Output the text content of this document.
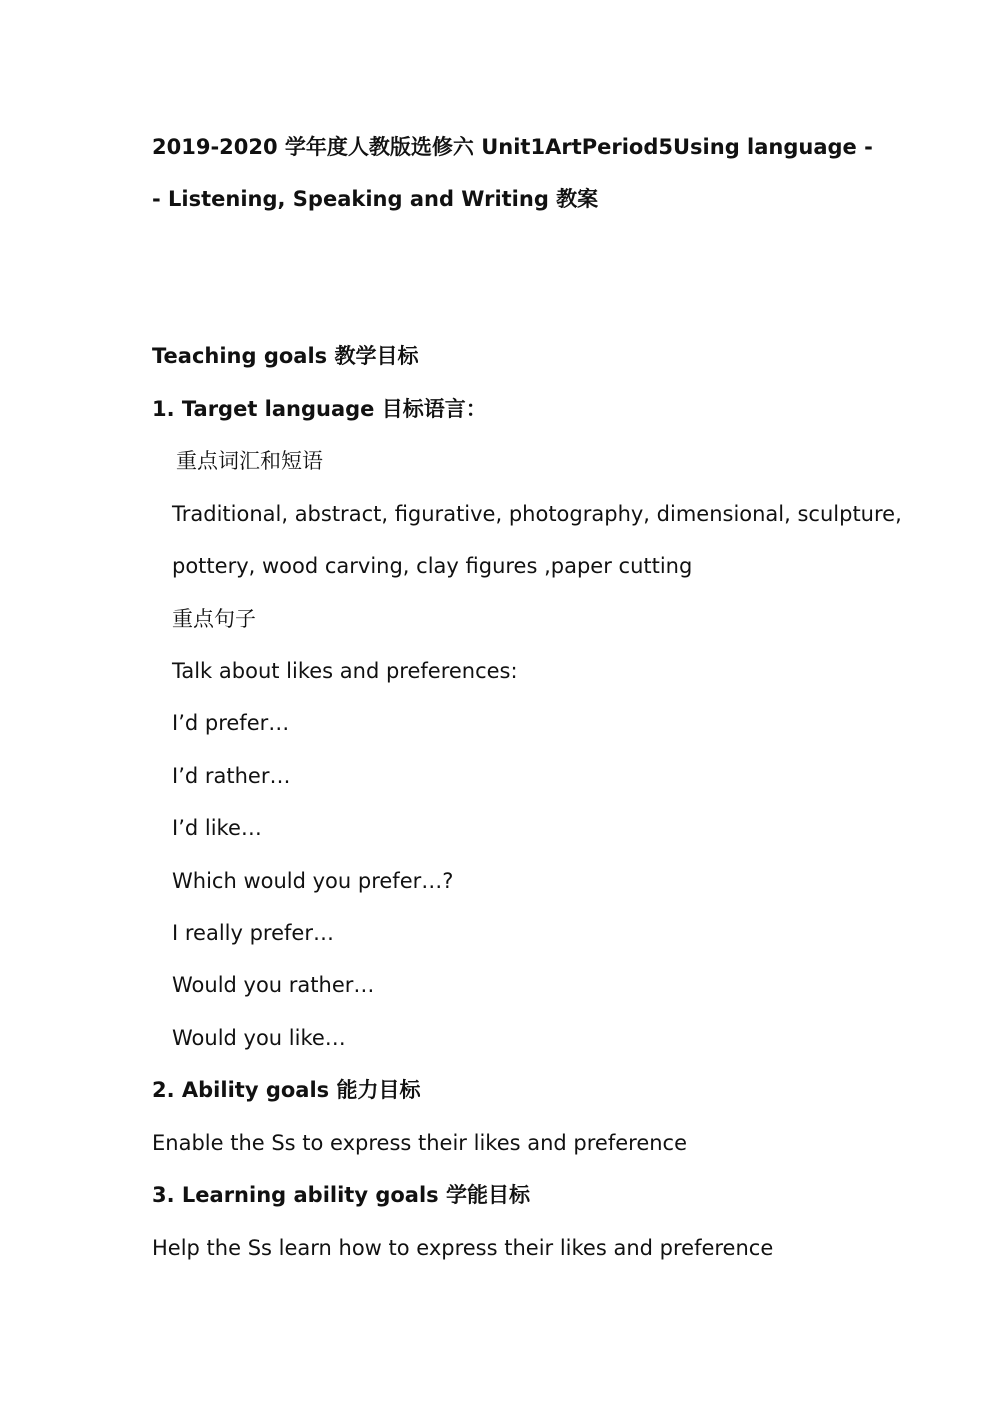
2019-2020 学年度人教版选修六 Unit1ArtPeriod5Using language -
- Listening, Speaking and Writing 教案
Teaching goals 教学目标
1. Target language 目标语言：
重点词汇和短语
Traditional, abstract, figurative, photography, dimensional, sculpture,
pottery, wood carving, clay figures ,paper cutting
重点句子
Talk about likes and preferences:
I’d prefer…
I’d rather…
I’d like…
Which would you prefer…?
I really prefer…
Would you rather…
Would you like…
2. Ability goals 能力目标
Enable the Ss to express their likes and preference
3. Learning ability goals 学能目标
Help the Ss learn how to express their likes and preference
